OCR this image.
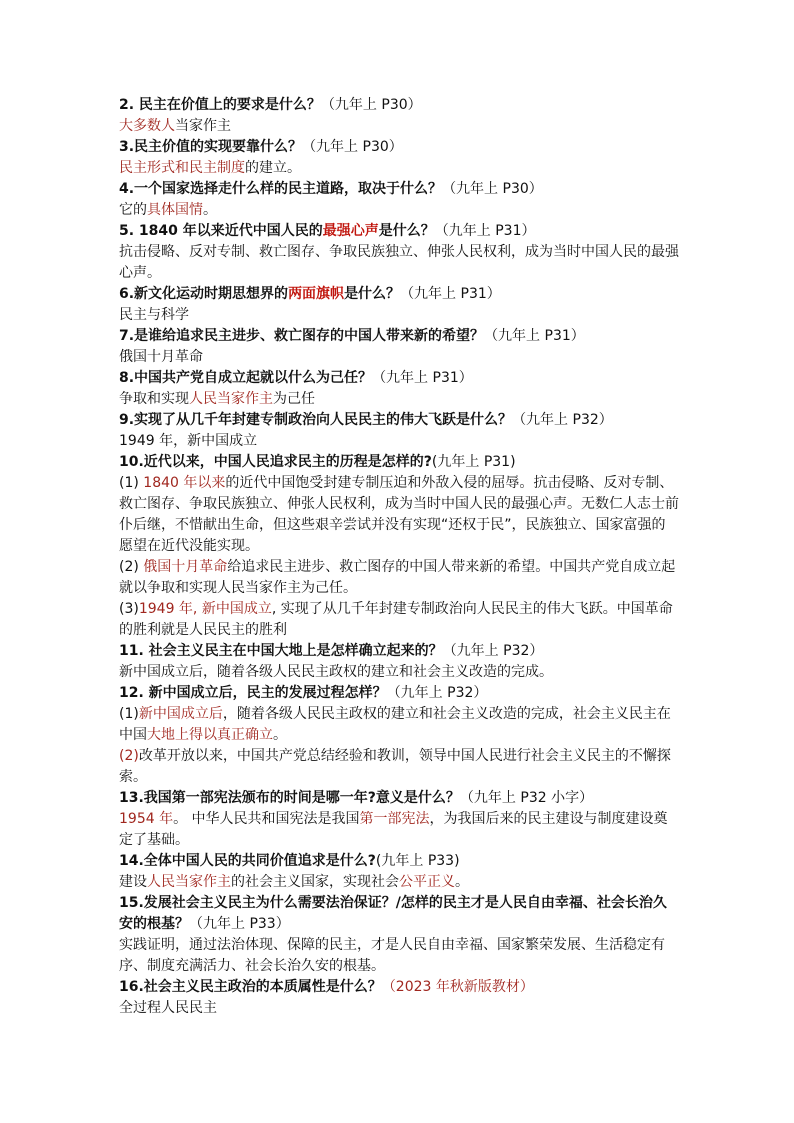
2. 民主在价值上的要求是什么？（九年上 P30）

大多数人当家作主

3.民主价值的实现要靠什么？（九年上 P30）

民主形式和民主制度的建立。

4.一个国家选择走什么样的民主道路，取决于什么？（九年上 P30）

它的具体国情。

5. 1840 年以来近代中国人民的最强心声是什么？（九年上 P31）

抗击侵略、反对专制、救亡图存、争取民族独立、伸张人民权利，成为当时中国人民的最强心声。

6.新文化运动时期思想界的两面旗帜是什么？（九年上 P31）

民主与科学

7.是谁给追求民主进步、救亡图存的中国人带来新的希望？（九年上 P31）

俄国十月革命

8.中国共产党自成立起就以什么为己任？（九年上 P31）

争取和实现人民当家作主为己任

9.实现了从几千年封建专制政治向人民民主的伟大飞跃是什么？（九年上 P32）

1949 年，新中国成立

10.近代以来，中国人民追求民主的历程是怎样的?(九年上 P31)

(1) 1840 年以来的近代中国饱受封建专制压迫和外敌入侵的屈辱。抗击侵略、反对专制、救亡图存、争取民族独立、伸张人民权利，成为当时中国人民的最强心声。无数仁人志士前仆后继，不惜献出生命，但这些艰辛尝试并没有实现“还权于民”，民族独立、国家富强的愿望在近代没能实现。

(2) 俄国十月革命给追求民主进步、救亡图存的中国人带来新的希望。中国共产党自成立起就以争取和实现人民当家作主为己任。

(3)1949 年, 新中国成立, 实现了从几千年封建专制政治向人民民主的伟大飞跃。中国革命的胜利就是人民民主的胜利

11. 社会主义民主在中国大地上是怎样确立起来的？（九年上 P32）

新中国成立后，随着各级人民民主政权的建立和社会主义改造的完成。

12. 新中国成立后，民主的发展过程怎样？（九年上 P32）

(1)新中国成立后，随着各级人民民主政权的建立和社会主义改造的完成，社会主义民主在中国大地上得以真正确立。

(2)改革开放以来，中国共产党总结经验和教训，领导中国人民进行社会主义民主的不懈探索。

13.我国第一部宪法颁布的时间是哪一年?意义是什么？（九年上 P32 小字）

1954 年。 中华人民共和国宪法是我国第一部宪法，为我国后来的民主建设与制度建设奠定了基础。

14.全体中国人民的共同价值追求是什么?(九年上 P33)

建设人民当家作主的社会主义国家，实现社会公平正义。

15.发展社会主义民主为什么需要法治保证？/怎样的民主才是人民自由幸福、社会长治久安的根基？（九年上 P33）

实践证明，通过法治体现、保障的民主，才是人民自由幸福、国家繁荣发展、生活稳定有序、制度充满活力、社会长治久安的根基。

16.社会主义民主政治的本质属性是什么？（2023 年秋新版教材）

全过程人民民主
